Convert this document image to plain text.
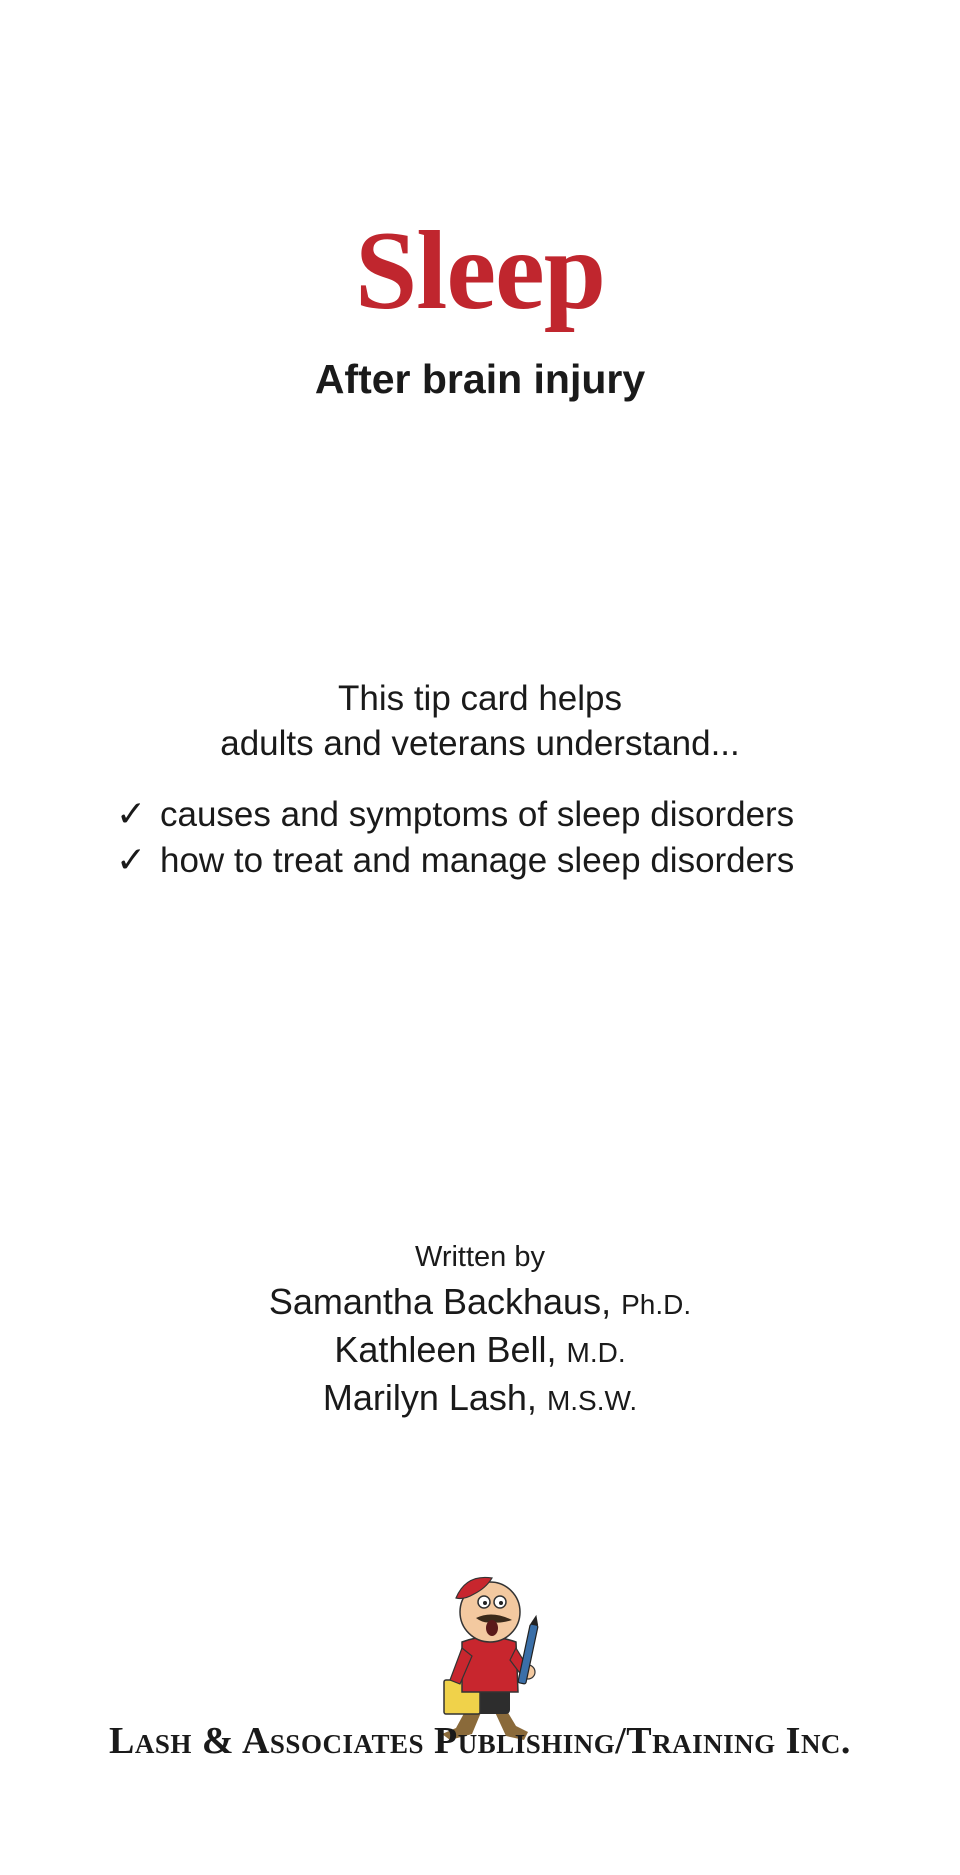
Sleep
After brain injury
This tip card helps
adults and veterans understand...
✓ causes and symptoms of sleep disorders
✓ how to treat and manage sleep disorders
Written by
Samantha Backhaus, Ph.D.
Kathleen Bell, M.D.
Marilyn Lash, M.S.W.
Lash & Associates Publishing/Training Inc.
